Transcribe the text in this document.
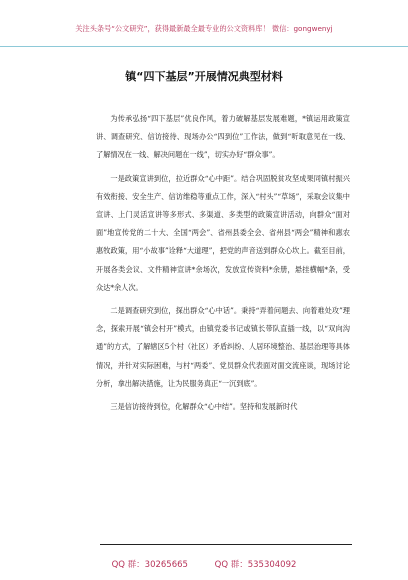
关注头条号“公文研究”，获得最新最全最专业的公文资料库！ 微信：gongwenyj
镇“四下基层”开展情况典型材料

为传承弘扬“四下基层”优良作风，着力破解基层发展难题，*镇运用政策宣讲、调查研究、信访接待、现场办公“四到位”工作法，做到“听取意见在一线、了解情况在一线、解决问题在一线”，切实办好“群众事”。

一是政策宣讲到位，拉近群众“心中距”。结合巩固脱贫攻坚成果同镇村振兴有效衔接、安全生产、信访维稳等重点工作，深入“村头”“草场”，采取会议集中宣讲、上门灵活宣讲等多形式、多渠道、多类型的政策宣讲活动，向群众“面对面”地宣传党的二十大、全国“两会”、省州县委全会、省州县“两会”精神和惠农惠牧政策，用“小故事”诠释“大道理”，把党的声音送到群众心坎上。截至目前，开展各类会议、文件精神宣讲*余场次，发放宣传资料*余册，悬挂横幅*条，受众达*余人次。

二是调查研究到位，探出群众“心中话”。秉持“弄着问题去、向着难处攻”理念，探索开展“镇会村开”模式，由镇党委书记或镇长带队直插一线，以“双向沟通”的方式，了解辖区5个村（社区）矛盾纠纷、人居环境整治、基层治理等具体情况，并针对实际困难，与村“两委”、党员群众代表面对面交流座谈，现场讨论分析，拿出解决措施，让为民服务真正“一沉到底”。

三是信访接待到位，化解群众“心中结”。坚持和发展新时代

QQ 群：30265665	QQ 群：535304092
